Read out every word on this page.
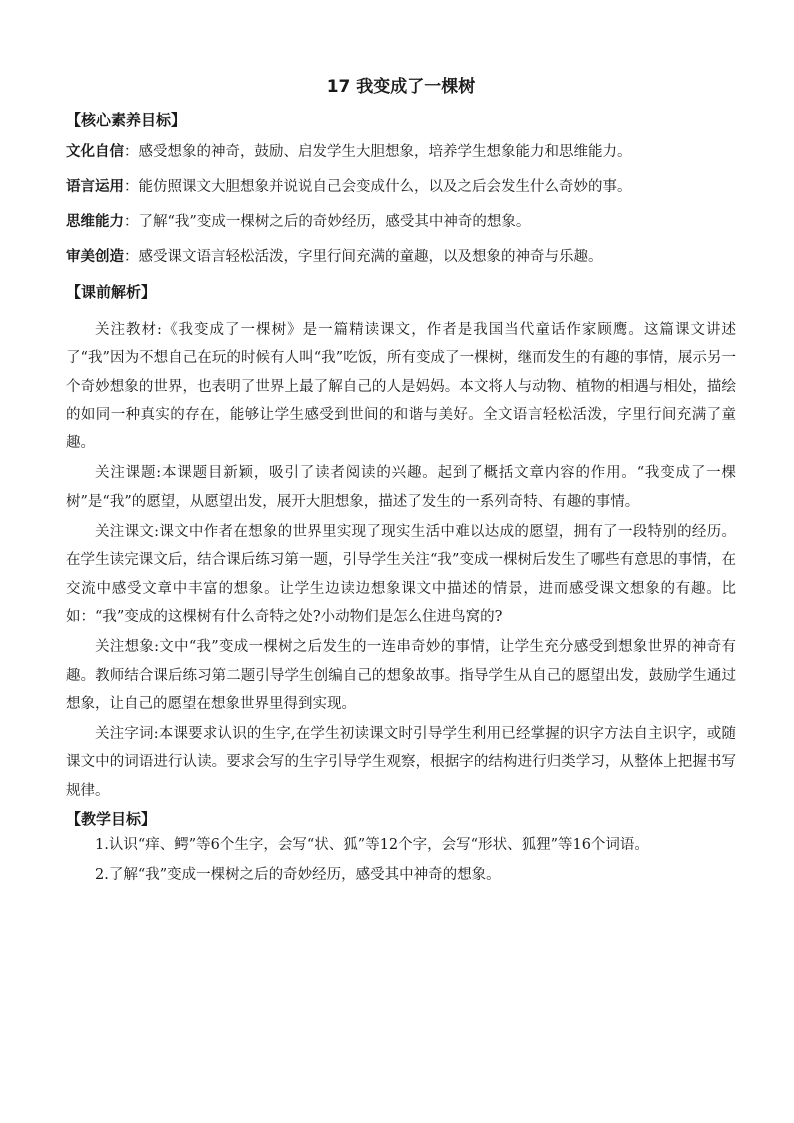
17 我变成了一棵树
【核心素养目标】
文化自信：感受想象的神奇，鼓励、启发学生大胆想象，培养学生想象能力和思维能力。
语言运用：能仿照课文大胆想象并说说自己会变成什么，以及之后会发生什么奇妙的事。
思维能力：了解“我”变成一棵树之后的奇妙经历，感受其中神奇的想象。
审美创造：感受课文语言轻松活泼，字里行间充满的童趣，以及想象的神奇与乐趣。
【课前解析】

关注教材:《我变成了一棵树》是一篇精读课文，作者是我国当代童话作家顾鹰。这篇课文讲述了“我”因为不想自己在玩的时候有人叫“我”吃饭，所有变成了一棵树，继而发生的有趣的事情，展示另一个奇妙想象的世界，也表明了世界上最了解自己的人是妈妈。本文将人与动物、植物的相遇与相处，描绘的如同一种真实的存在，能够让学生感受到世间的和谐与美好。全文语言轻松活泼，字里行间充满了童趣。

关注课题:本课题目新颖，吸引了读者阅读的兴趣。起到了概括文章内容的作用。“我变成了一棵树”是“我”的愿望，从愿望出发，展开大胆想象，描述了发生的一系列奇特、有趣的事情。

关注课文:课文中作者在想象的世界里实现了现实生活中难以达成的愿望，拥有了一段特别的经历。在学生读完课文后，结合课后练习第一题，引导学生关注“我”变成一棵树后发生了哪些有意思的事情，在交流中感受文章中丰富的想象。让学生边读边想象课文中描述的情景，进而感受课文想象的有趣。比如：“我”变成的这棵树有什么奇特之处?小动物们是怎么住进鸟窝的?

关注想象:文中“我”变成一棵树之后发生的一连串奇妙的事情，让学生充分感受到想象世界的神奇有趣。教师结合课后练习第二题引导学生创编自己的想象故事。指导学生从自己的愿望出发，鼓励学生通过想象，让自己的愿望在想象世界里得到实现。

关注字词:本课要求认识的生字,在学生初读课文时引导学生利用已经掌握的识字方法自主识字，或随课文中的词语进行认读。要求会写的生字引导学生观察，根据字的结构进行归类学习，从整体上把握书写规律。

【教学目标】

1.认识“痒、鳄”等6个生字，会写“状、狐”等12个字，会写“形状、狐狸”等16个词语。

2.了解“我”变成一棵树之后的奇妙经历，感受其中神奇的想象。
